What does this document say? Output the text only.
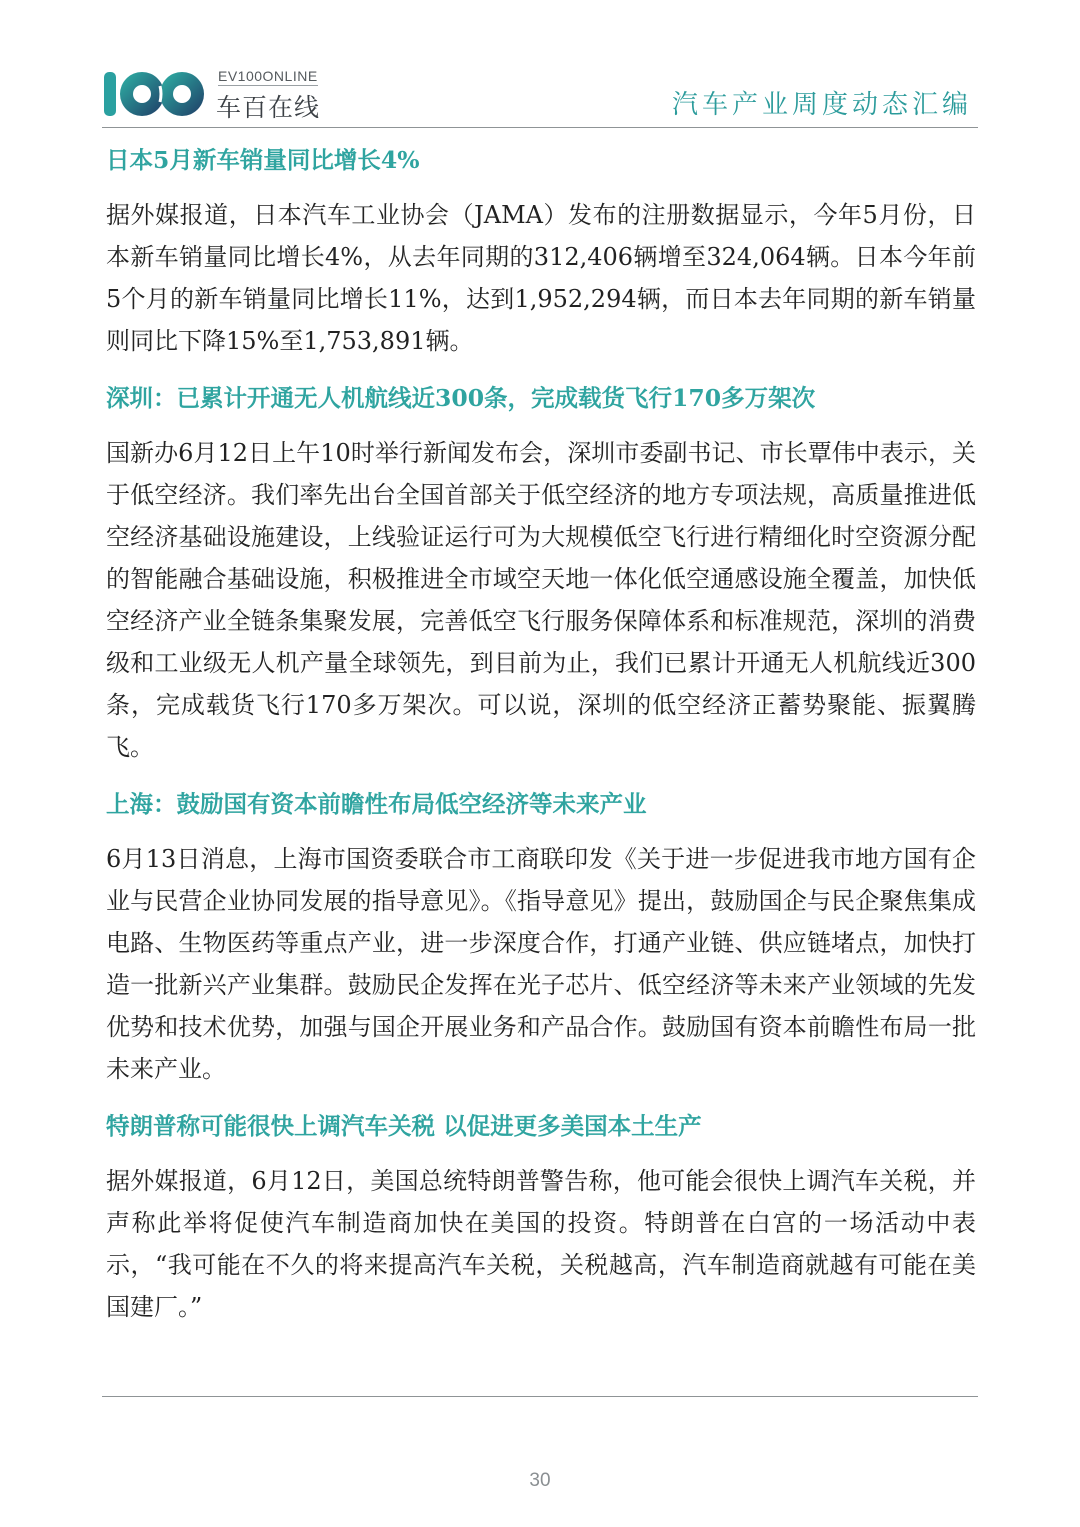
EV100ONLINE
车百在线	汽车产业周度动态汇编
日本5月新车销量同比增长4%

据外媒报道，日本汽车工业协会（JAMA）发布的注册数据显示，今年5月份，日本新车销量同比增长4%，从去年同期的312,406辆增至324,064辆。日本今年前5个月的新车销量同比增长11%，达到1,952,294辆，而日本去年同期的新车销量则同比下降15%至1,753,891辆。

深圳：已累计开通无人机航线近300条，完成载货飞行170多万架次

国新办6月12日上午10时举行新闻发布会，深圳市委副书记、市长覃伟中表示，关于低空经济。我们率先出台全国首部关于低空经济的地方专项法规，高质量推进低空经济基础设施建设，上线验证运行可为大规模低空飞行进行精细化时空资源分配的智能融合基础设施，积极推进全市域空天地一体化低空通感设施全覆盖，加快低空经济产业全链条集聚发展，完善低空飞行服务保障体系和标准规范，深圳的消费级和工业级无人机产量全球领先，到目前为止，我们已累计开通无人机航线近300条，完成载货飞行170多万架次。可以说，深圳的低空经济正蓄势聚能、振翼腾飞。

上海：鼓励国有资本前瞻性布局低空经济等未来产业

6月13日消息，上海市国资委联合市工商联印发《关于进一步促进我市地方国有企业与民营企业协同发展的指导意见》。《指导意见》提出，鼓励国企与民企聚焦集成电路、生物医药等重点产业，进一步深度合作，打通产业链、供应链堵点，加快打造一批新兴产业集群。鼓励民企发挥在光子芯片、低空经济等未来产业领域的先发优势和技术优势，加强与国企开展业务和产品合作。鼓励国有资本前瞻性布局一批未来产业。

特朗普称可能很快上调汽车关税 以促进更多美国本土生产

据外媒报道，6月12日，美国总统特朗普警告称，他可能会很快上调汽车关税，并声称此举将促使汽车制造商加快在美国的投资。特朗普在白宫的一场活动中表示，“我可能在不久的将来提高汽车关税，关税越高，汽车制造商就越有可能在美国建厂。”

30
